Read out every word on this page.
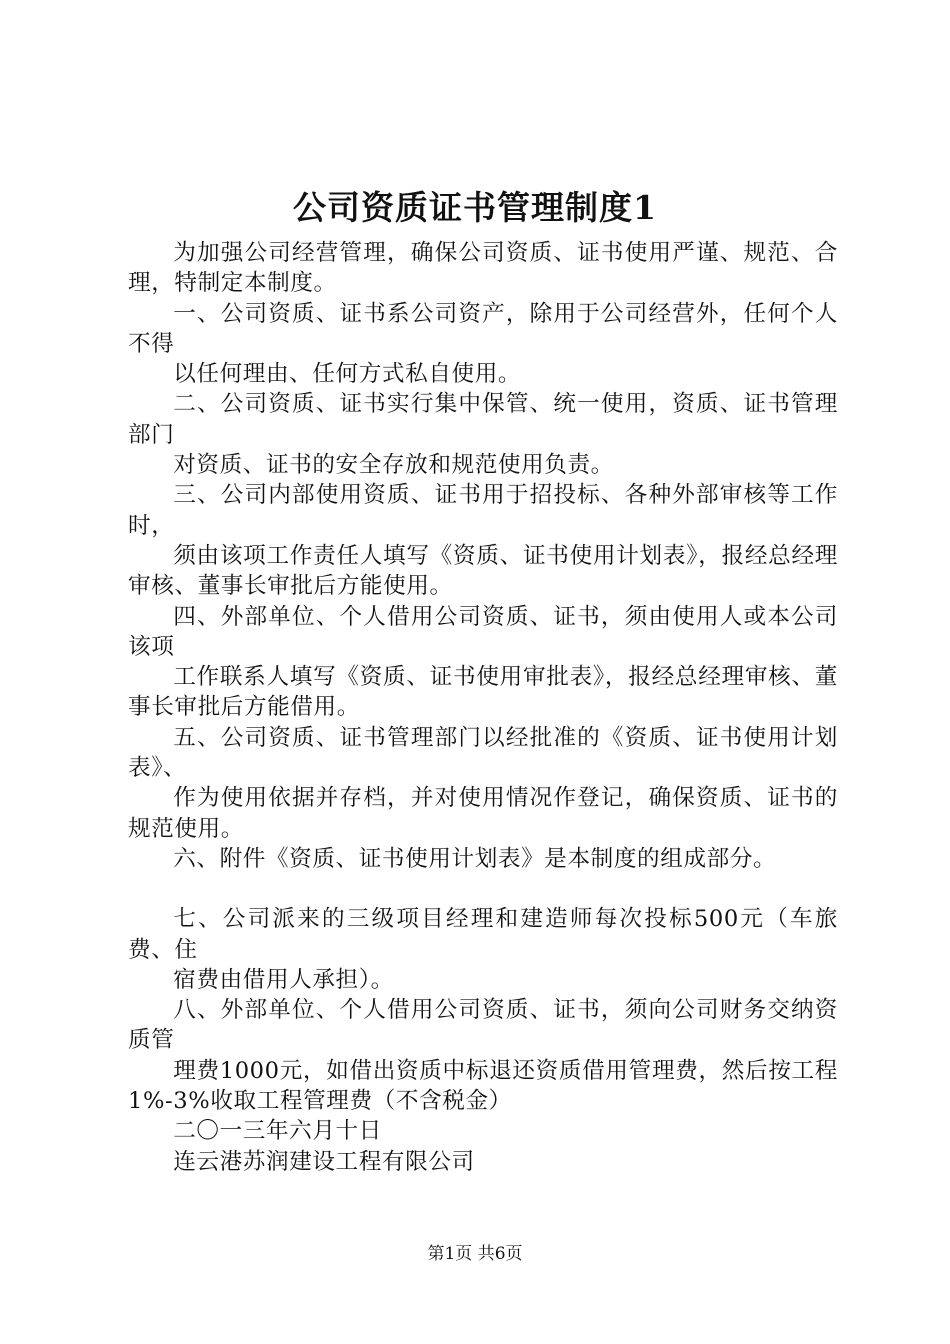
公司资质证书管理制度1

为加强公司经营管理，确保公司资质、证书使用严谨、规范、合理，特制定本制度。

一、公司资质、证书系公司资产，除用于公司经营外，任何个人不得

以任何理由、任何方式私自使用。

二、公司资质、证书实行集中保管、统一使用，资质、证书管理部门

对资质、证书的安全存放和规范使用负责。

三、公司内部使用资质、证书用于招投标、各种外部审核等工作时，

须由该项工作责任人填写《资质、证书使用计划表》，报经总经理审核、董事长审批后方能使用。

四、外部单位、个人借用公司资质、证书，须由使用人或本公司该项

工作联系人填写《资质、证书使用审批表》，报经总经理审核、董事长审批后方能借用。

五、公司资质、证书管理部门以经批准的《资质、证书使用计划表》、

作为使用依据并存档，并对使用情况作登记，确保资质、证书的规范使用。

六、附件《资质、证书使用计划表》是本制度的组成部分。

七、公司派来的三级项目经理和建造师每次投标500元（车旅费、住

宿费由借用人承担）。

八、外部单位、个人借用公司资质、证书，须向公司财务交纳资质管

理费1000元，如借出资质中标退还资质借用管理费，然后按工程1%-3%收取工程管理费（不含税金）

二〇一三年六月十日

连云港苏润建设工程有限公司

第1页 共6页
